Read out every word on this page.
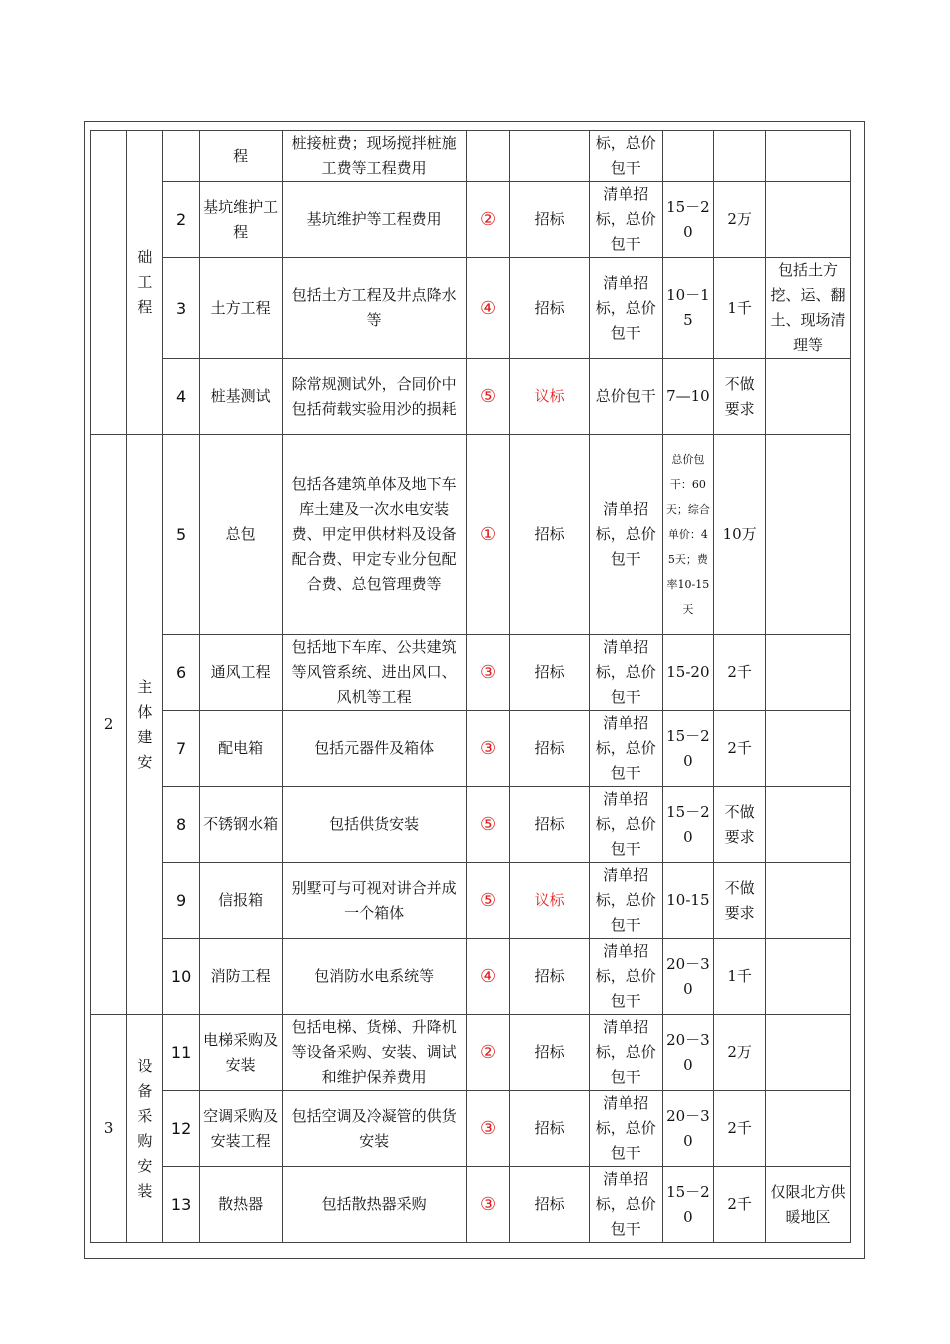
	础工程		程	桩接桩费；现场搅拌桩施工费等工程费用			标，总价包干			
		2	基坑维护工程	基坑维护等工程费用	②	招标	清单招标，总价包干	15－20	2万	
		3	土方工程	包括土方工程及井点降水等	④	招标	清单招标，总价包干	10－15	1千	包括土方挖、运、翻土、现场清理等
		4	桩基测试	除常规测试外，合同价中包括荷载实验用沙的损耗	⑤	议标	总价包干	7—10	不做要求	
2	主体建安	5	总包	包括各建筑单体及地下车库土建及一次水电安装费、甲定甲供材料及设备配合费、甲定专业分包配合费、总包管理费等	①	招标	清单招标，总价包干	总价包干：60天；综合单价：45天；费率10-15天	10万	
		6	通风工程	包括地下车库、公共建筑等风管系统、进出风口、风机等工程	③	招标	清单招标，总价包干	15-20	2千	
		7	配电箱	包括元器件及箱体	③	招标	清单招标，总价包干	15－20	2千	
		8	不锈钢水箱	包括供货安装	⑤	招标	清单招标，总价包干	15－20	不做要求	
		9	信报箱	别墅可与可视对讲合并成一个箱体	⑤	议标	清单招标，总价包干	10-15	不做要求	
		10	消防工程	包消防水电系统等	④	招标	清单招标，总价包干	20－30	1千	
3	设备采购安装	11	电梯采购及安装	包括电梯、货梯、升降机等设备采购、安装、调试和维护保养费用	②	招标	清单招标，总价包干	20－30	2万	
		12	空调采购及安装工程	包括空调及冷凝管的供货安装	③	招标	清单招标，总价包干	20－30	2千	
		13	散热器	包括散热器采购	③	招标	清单招标，总价包干	15－20	2千	仅限北方供暖地区
